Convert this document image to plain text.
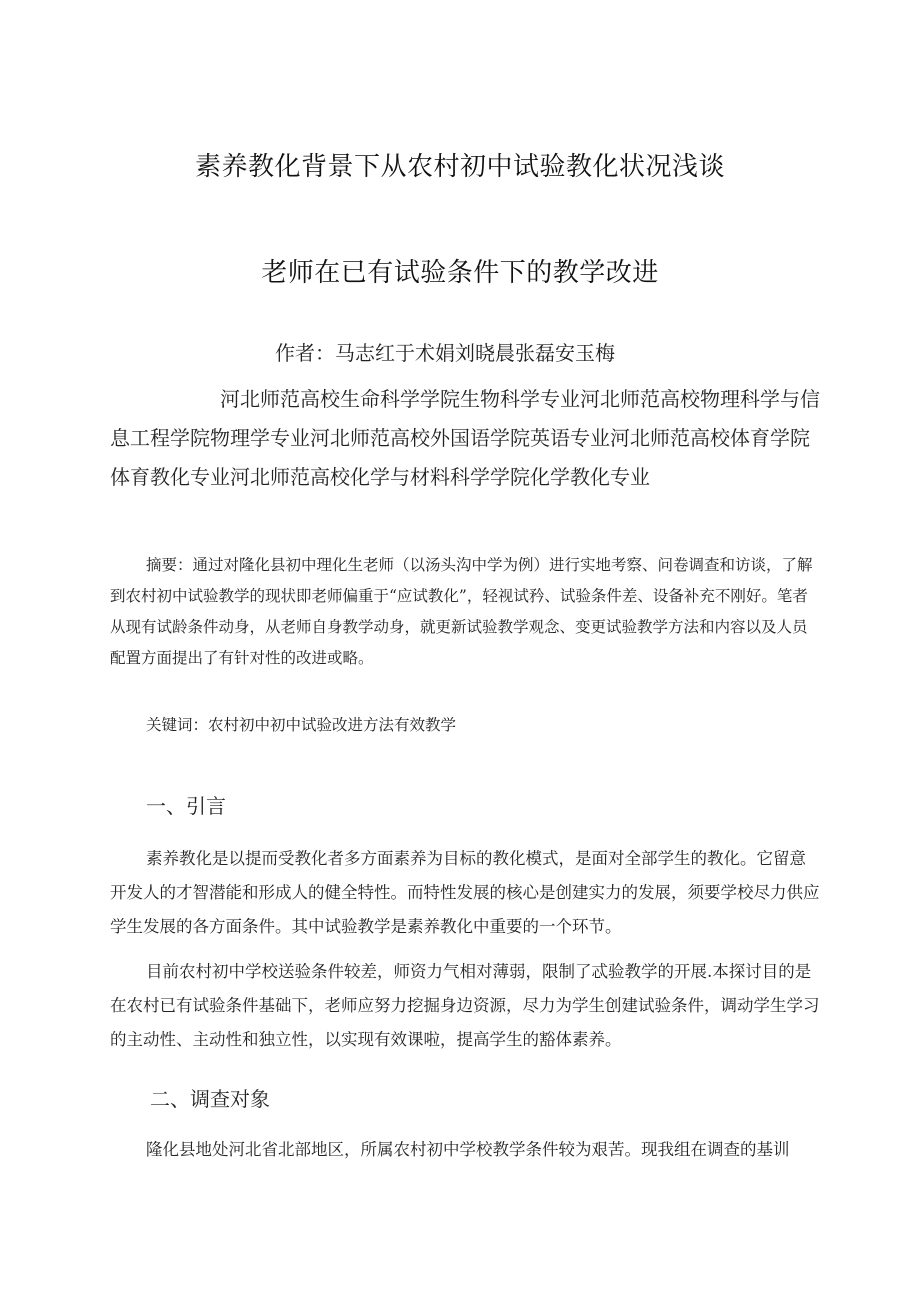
素养教化背景下从农村初中试验教化状况浅谈
老师在已有试验条件下的教学改进
作者：马志红于术娟刘晓晨张磊安玉梅

河北师范高校生命科学学院生物科学专业河北师范高校物理科学与信息工程学院物理学专业河北师范高校外国语学院英语专业河北师范高校体育学院体育教化专业河北师范高校化学与材料科学学院化学教化专业

摘要：通过对隆化县初中理化生老师（以汤头沟中学为例）进行实地考察、问卷调查和访谈，了解到农村初中试验教学的现状即老师偏重于“应试教化”，轻视试矜、试验条件差、设备补充不刚好。笔者从现有试龄条件动身，从老师自身教学动身，就更新试验教学观念、变更试验教学方法和内容以及人员配置方面提出了有针对性的改进或略。

关键词：农村初中初中试验改进方法有效教学

一、引言

素养教化是以提而受教化者多方面素养为目标的教化模式，是面对全部学生的教化。它留意开发人的才智潜能和形成人的健全特性。而特性发展的核心是创建实力的发展，须要学校尽力供应学生发展的各方面条件。其中试验教学是素养教化中重要的一个环节。

目前农村初中学校送验条件较差，师资力气相对薄弱，限制了忒验教学的开展.本探讨目的是在农村已有试验条件基础下，老师应努力挖掘身边资源，尽力为学生创建试验条件，调动学生学习的主动性、主动性和独立性，以实现有效课啦，提高学生的豁体素养。

二、调查对象

隆化县地处河北省北部地区，所属农村初中学校教学条件较为艰苦。现我组在调查的基训
